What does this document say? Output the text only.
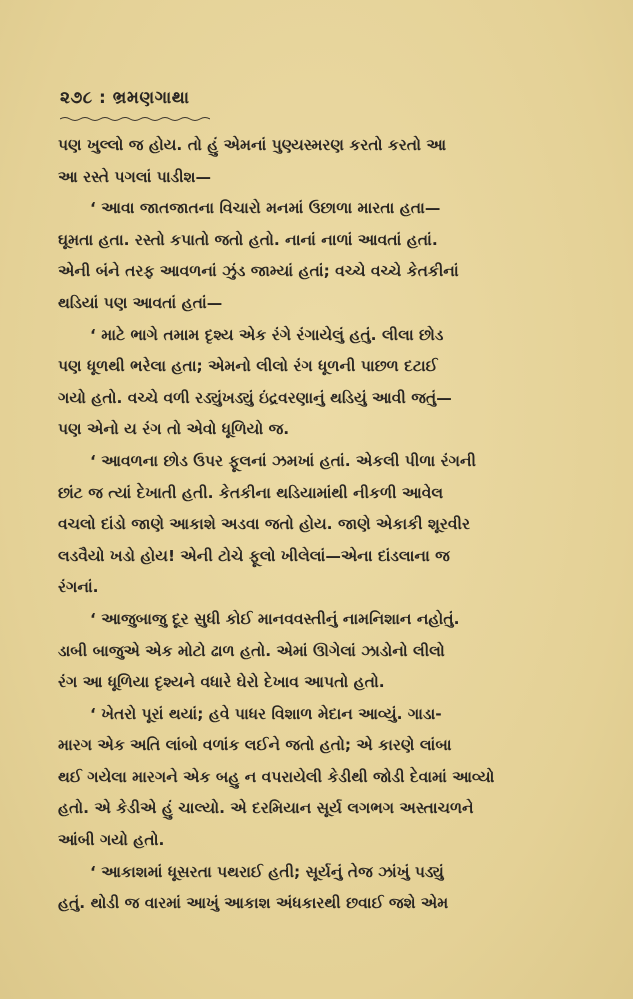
૨૭૮ : ભ્રમણગાથા
પણ ખુલ્લો જ હોય. તો હું એમનાં પુણ્યસ્મરણ કરતો કરતો આ
આ રસ્તે પગલાં પાડીશ—
‘ આવા જાતજાતના વિચારો મનમાં ઉછાળા મારતા હતા—
ઘૂમતા હતા. રસ્તો કપાતો જતો હતો. નાનાં નાળાં આવતાં હતાં.
એની બંને તરફ આવળનાં ઝુંડ જામ્યાં હતાં; વચ્ચે વચ્ચે કેતકીનાં
થડિયાં પણ આવતાં હતાં—
‘ માટે ભાગે તમામ દૃશ્ય એક રંગે રંગાયેલું હતું. લીલા છોડ
પણ ધૂળથી ભરેલા હતા; એમનો લીલો રંગ ધૂળની પાછળ દટાઈ
ગયો હતો. વચ્ચે વળી રડ્યુંખડ્યું ઇંદ્રવરણાનું થડિયું આવી જતું—
પણ એનો ય રંગ તો એવો ધૂળિયો જ.
‘ આવળના છોડ ઉપર ફૂલનાં ઝમખાં હતાં. એકલી પીળા રંગની
છાંટ જ ત્યાં દેખાતી હતી. કેતકીના થડિયામાંથી નીકળી આવેલ
વચલો દાંડો જાણે આકાશે અડવા જતો હોય. જાણે એકાકી શૂરવીર
લડવૈયો ખડો હોય! એની ટોચે ફૂલો ખીલેલાં—એના દાંડલાના જ
રંગનાં.
‘ આજુબાજુ દૂર સુધી કોઈ માનવવસ્તીનું નામનિશાન નહોતું.
ડાબી બાજુએ એક મોટો ઢાળ હતો. એમાં ઊગેલાં ઝાડોનો લીલો
રંગ આ ધૂળિયા દૃશ્યને વધારે ઘેરો દેખાવ આપતો હતો.
‘ ખેતરો પૂરાં થયાં; હવે પાધર વિશાળ મેદાન આવ્યું. ગાડા-
મારગ એક અતિ લાંબો વળાંક લઈને જતો હતો; એ કારણે લાંબા
થઈ ગયેલા મારગને એક બહુ ન વપરાયેલી કેડીથી જોડી દેવામાં આવ્યો
હતો. એ કેડીએ હું ચાલ્યો. એ દરમિયાન સૂર્ય લગભગ અસ્તાચળને
આંબી ગયો હતો.
‘ આકાશમાં ધૂસરતા પથરાઈ હતી; સૂર્યનું તેજ ઝાંખું પડ્યું
હતું. થોડી જ વારમાં આખું આકાશ અંધકારથી છવાઈ જશે એમ
